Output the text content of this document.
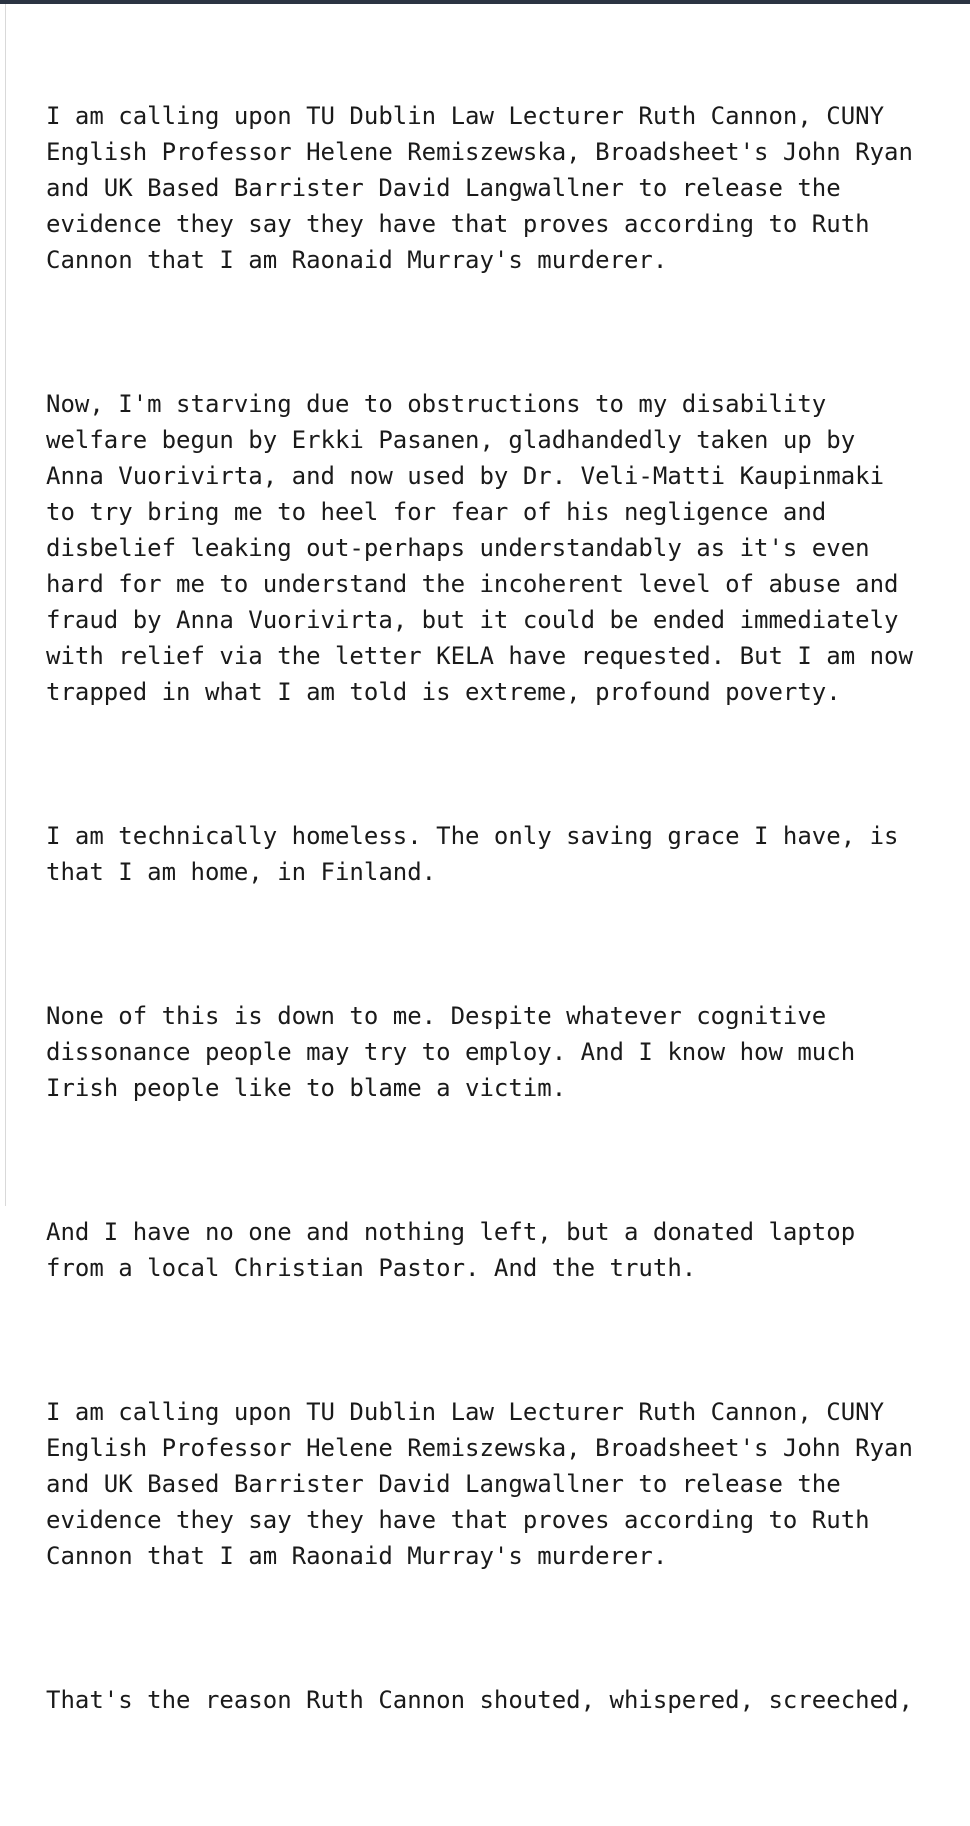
I am calling upon TU Dublin Law Lecturer Ruth Cannon, CUNY
English Professor Helene Remiszewska, Broadsheet's John Ryan
and UK Based Barrister David Langwallner to release the
evidence they say they have that proves according to Ruth
Cannon that I am Raonaid Murray's murderer.

Now, I'm starving due to obstructions to my disability
welfare begun by Erkki Pasanen, gladhandedly taken up by
Anna Vuorivirta, and now used by Dr. Veli-Matti Kaupinmaki
to try bring me to heel for fear of his negligence and
disbelief leaking out-perhaps understandably as it's even
hard for me to understand the incoherent level of abuse and
fraud by Anna Vuorivirta, but it could be ended immediately
with relief via the letter KELA have requested. But I am now
trapped in what I am told is extreme, profound poverty.

I am technically homeless. The only saving grace I have, is
that I am home, in Finland.

None of this is down to me. Despite whatever cognitive
dissonance people may try to employ. And I know how much
Irish people like to blame a victim.

And I have no one and nothing left, but a donated laptop
from a local Christian Pastor. And the truth.

I am calling upon TU Dublin Law Lecturer Ruth Cannon, CUNY
English Professor Helene Remiszewska, Broadsheet's John Ryan
and UK Based Barrister David Langwallner to release the
evidence they say they have that proves according to Ruth
Cannon that I am Raonaid Murray's murderer.

That's the reason Ruth Cannon shouted, whispered, screeched,
